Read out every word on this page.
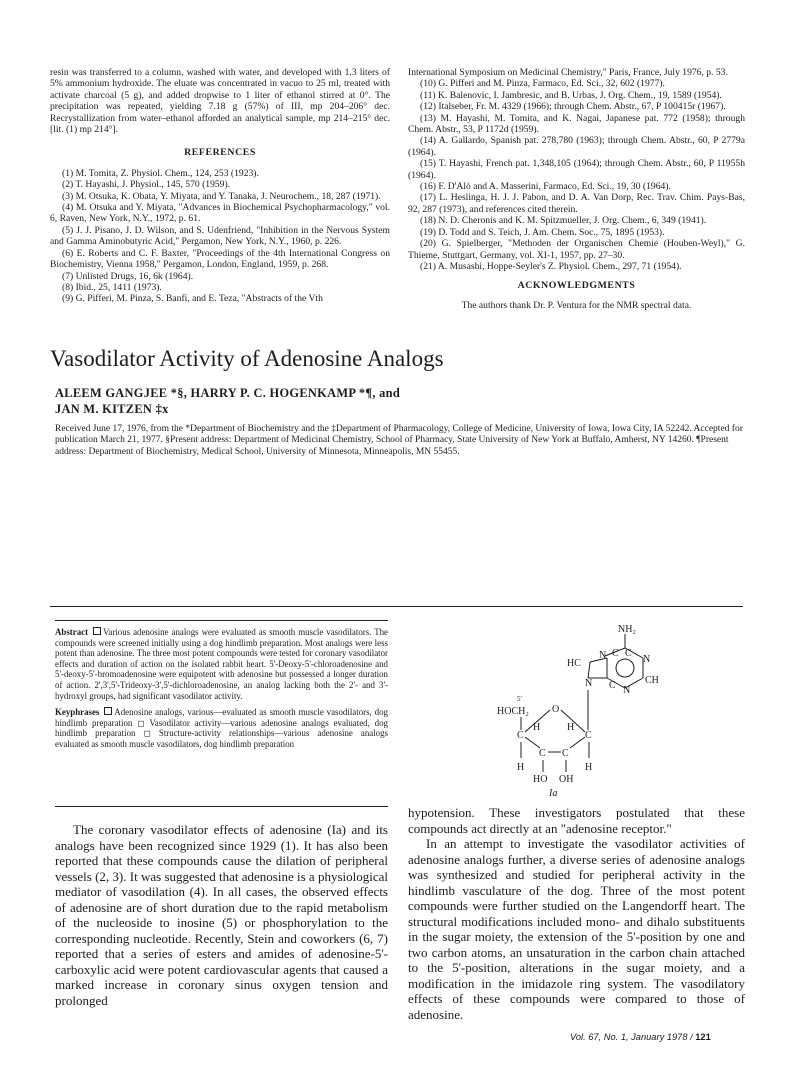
resin was transferred to a column, washed with water, and developed with 1.3 liters of 5% ammonium hydroxide. The eluate was concentrated in vacuo to 25 ml, treated with activate charcoal (5 g), and added dropwise to 1 liter of ethanol stirred at 0°. The precipitation was repeated, yielding 7.18 g (57%) of III, mp 204–206° dec. Recrystallization from water–ethanol afforded an analytical sample, mp 214–215° dec. [lit. (1) mp 214°].

REFERENCES

(1) M. Tomita, Z. Physiol. Chem., 124, 253 (1923).

(2) T. Hayashi, J. Physiol., 145, 570 (1959).

(3) M. Otsuka, K. Obata, Y. Miyata, and Y. Tanaka, J. Neurochem., 18, 287 (1971).

(4) M. Otsuka and Y. Miyata, "Advances in Biochemical Psychopharmacology," vol. 6, Raven, New York, N.Y., 1972, p. 61.

(5) J. J. Pisano, J. D. Wilson, and S. Udenfriend, "Inhibition in the Nervous System and Gamma Aminobutyric Acid," Pergamon, New York, N.Y., 1960, p. 226.

(6) E. Roberts and C. F. Baxter, "Proceedings of the 4th International Congress on Biochemistry, Vienna 1958," Pergamon, London, England, 1959, p. 268.

(7) Unlisted Drugs, 16, 6k (1964).

(8) Ibid., 25, 1411 (1973).

(9) G. Pifferi, M. Pinza, S. Banfi, and E. Teza, "Abstracts of the Vth

International Symposium on Medicinal Chemistry," Paris, France, July 1976, p. 53.

(10) G. Pifferi and M. Pinza, Farmaco, Ed. Sci., 32, 602 (1977).

(11) K. Balenovic, I. Jambresic, and B. Urbas, J. Org. Chem., 19, 1589 (1954).

(12) Italseber, Fr. M. 4329 (1966); through Chem. Abstr., 67, P 100415r (1967).

(13) M. Hayashi, M. Tomita, and K. Nagai, Japanese pat. 772 (1958); through Chem. Abstr., 53, P 1172d (1959).

(14) A. Gallardo, Spanish pat. 278,780 (1963); through Chem. Abstr., 60, P 2779a (1964).

(15) T. Hayashi, French pat. 1,348,105 (1964); through Chem. Abstr., 60, P 11955h (1964).

(16) F. D'Alò and A. Masserini, Farmaco, Ed. Sci., 19, 30 (1964).

(17) L. Heslinga, H. J. J. Pabon, and D. A. Van Dorp, Rec. Trav. Chim. Pays-Bas, 92, 287 (1973), and references cited therein.

(18) N. D. Cheronis and K. M. Spitzmueller, J. Org. Chem., 6, 349 (1941).

(19) D. Todd and S. Teich, J. Am. Chem. Soc., 75, 1895 (1953).

(20) G. Spielberger, "Methoden der Organischen Chemie (Houben-Weyl)," G. Thieme, Stuttgart, Germany, vol. XI-1, 1957, pp. 27–30.

(21) A. Musashi, Hoppe-Seyler's Z. Physiol. Chem., 297, 71 (1954).

ACKNOWLEDGMENTS
The authors thank Dr. P. Ventura for the NMR spectral data.
Vasodilator Activity of Adenosine Analogs
ALEEM GANGJEE *§, HARRY P. C. HOGENKAMP *¶, and
JAN M. KITZEN ‡x
Received June 17, 1976, from the *Department of Biochemistry and the ‡Department of Pharmacology, College of Medicine, University of Iowa, Iowa City, IA 52242. Accepted for publication March 21, 1977. §Present address: Department of Medicinal Chemistry, School of Pharmacy, State University of New York at Buffalo, Amherst, NY 14260. ¶Present address: Department of Biochemistry, Medical School, University of Minnesota, Minneapolis, MN 55455.

Abstract Various adenosine analogs were evaluated as smooth muscle vasodilators. The compounds were screened initially using a dog hindlimb preparation. Most analogs were less potent than adenosine. The three most potent compounds were tested for coronary vasodilator effects and duration of action on the isolated rabbit heart. 5'-Deoxy-5'-chloroadenosine and 5'-deoxy-5'-bromoadenosine were equipotent with adenosine but possessed a longer duration of action. 2',3',5'-Trideoxy-3',5'-dichloroadenosine, an analog lacking both the 2'- and 3'-hydroxyl groups, had significant vasodilator activity.

Keyphrases Adenosine analogs, various—evaluated as smooth muscle vasodilators, dog hindlimb preparation ◻ Vasodilator activity—various adenosine analogs evaluated, dog hindlimb preparation ◻ Structure-activity relationships—various adenosine analogs evaluated as smooth muscle vasodilators, dog hindlimb preparation

NH₂
HC
N C C
N
CH
N
C
N
5'
HOCH₂ O
C	C
C C
H	H
H	H
HO OH
Ia

The coronary vasodilator effects of adenosine (Ia) and its analogs have been recognized since 1929 (1). It has also been reported that these compounds cause the dilation of peripheral vessels (2, 3). It was suggested that adenosine is a physiological mediator of vasodilation (4). In all cases, the observed effects of adenosine are of short duration due to the rapid metabolism of the nucleoside to inosine (5) or phosphorylation to the corresponding nucleotide. Recently, Stein and coworkers (6, 7) reported that a series of esters and amides of adenosine-5'-carboxylic acid were potent cardiovascular agents that caused a marked increase in coronary sinus oxygen tension and prolonged

hypotension. These investigators postulated that these compounds act directly at an "adenosine receptor."

In an attempt to investigate the vasodilator activities of adenosine analogs further, a diverse series of adenosine analogs was synthesized and studied for peripheral activity in the hindlimb vasculature of the dog. Three of the most potent compounds were further studied on the Langendorff heart. The structural modifications included mono- and dihalo substituents in the sugar moiety, the extension of the 5'-position by one and two carbon atoms, an unsaturation in the carbon chain attached to the 5'-position, alterations in the sugar moiety, and a modification in the imidazole ring system. The vasodilatory effects of these compounds were compared to those of adenosine.

Vol. 67, No. 1, January 1978 / 121
